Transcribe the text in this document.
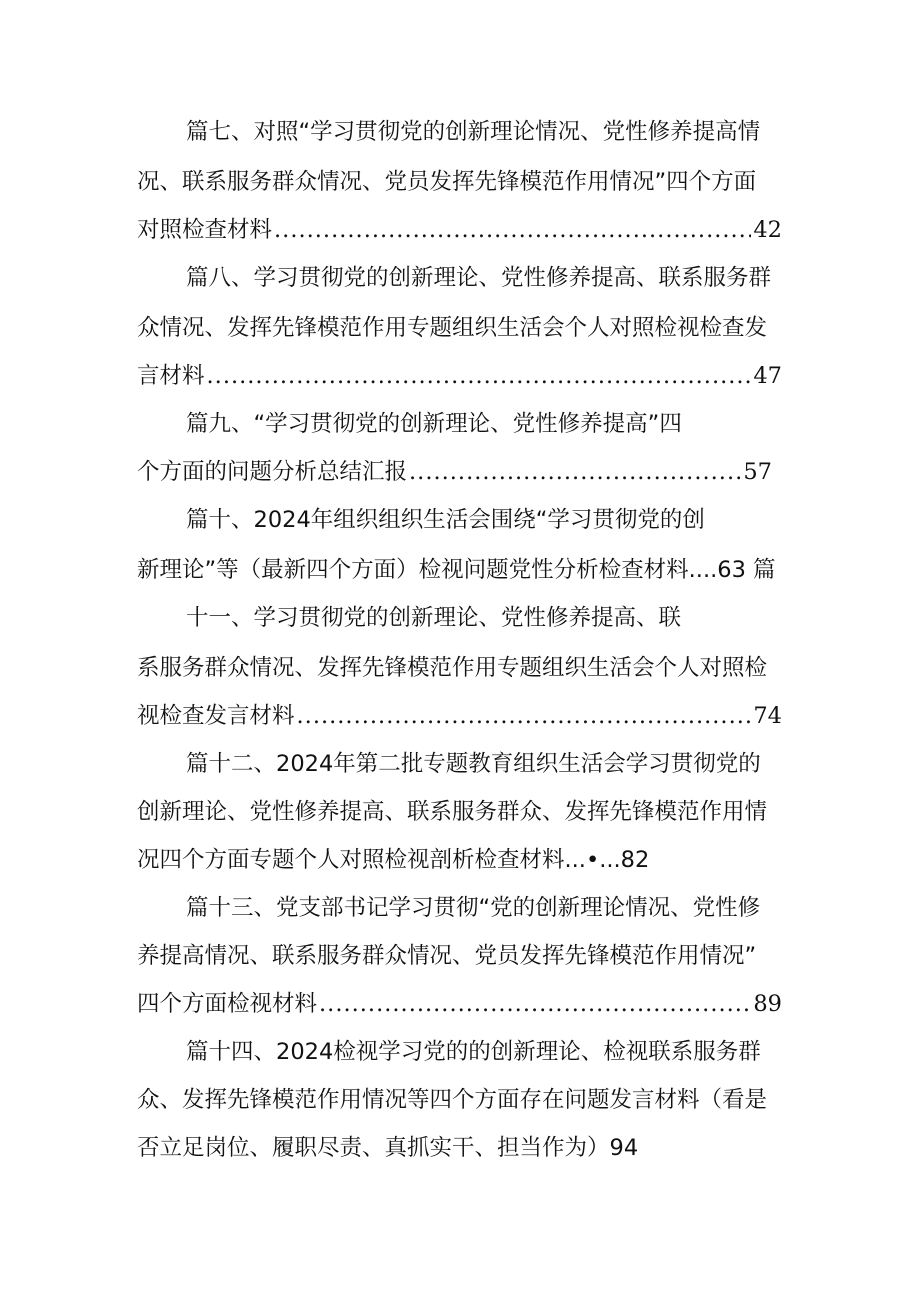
篇七、对照“学习贯彻党的创新理论情况、党性修养提高情
况、联系服务群众情况、党员发挥先锋模范作用情况”四个方面
对照检查材料 .....	42
篇八、学习贯彻党的创新理论、党性修养提高、联系服务群
众情况、发挥先锋模范作用专题组织生活会个人对照检视检查发
言材料 .....	47
篇九、“学习贯彻党的创新理论、党性修养提高”四
个方面的问题分析总结汇报 .....	57
篇十、2024年组织组织生活会围绕“学习贯彻党的创
新理论”等（最新四个方面）检视问题党性分析检查材料....63 篇
十一、学习贯彻党的创新理论、党性修养提高、联
系服务群众情况、发挥先锋模范作用专题组织生活会个人对照检
视检查发言材料 .....	74
篇十二、2024年第二批专题教育组织生活会学习贯彻党的
创新理论、党性修养提高、联系服务群众、发挥先锋模范作用情
况四个方面专题个人对照检视剖析检查材料...•...82
篇十三、党支部书记学习贯彻“党的创新理论情况、党性修
养提高情况、联系服务群众情况、党员发挥先锋模范作用情况”
四个方面检视材料 .....	89
篇十四、2024检视学习党的的创新理论、检视联系服务群
众、发挥先锋模范作用情况等四个方面存在问题发言材料（看是
否立足岗位、履职尽责、真抓实干、担当作为）94
